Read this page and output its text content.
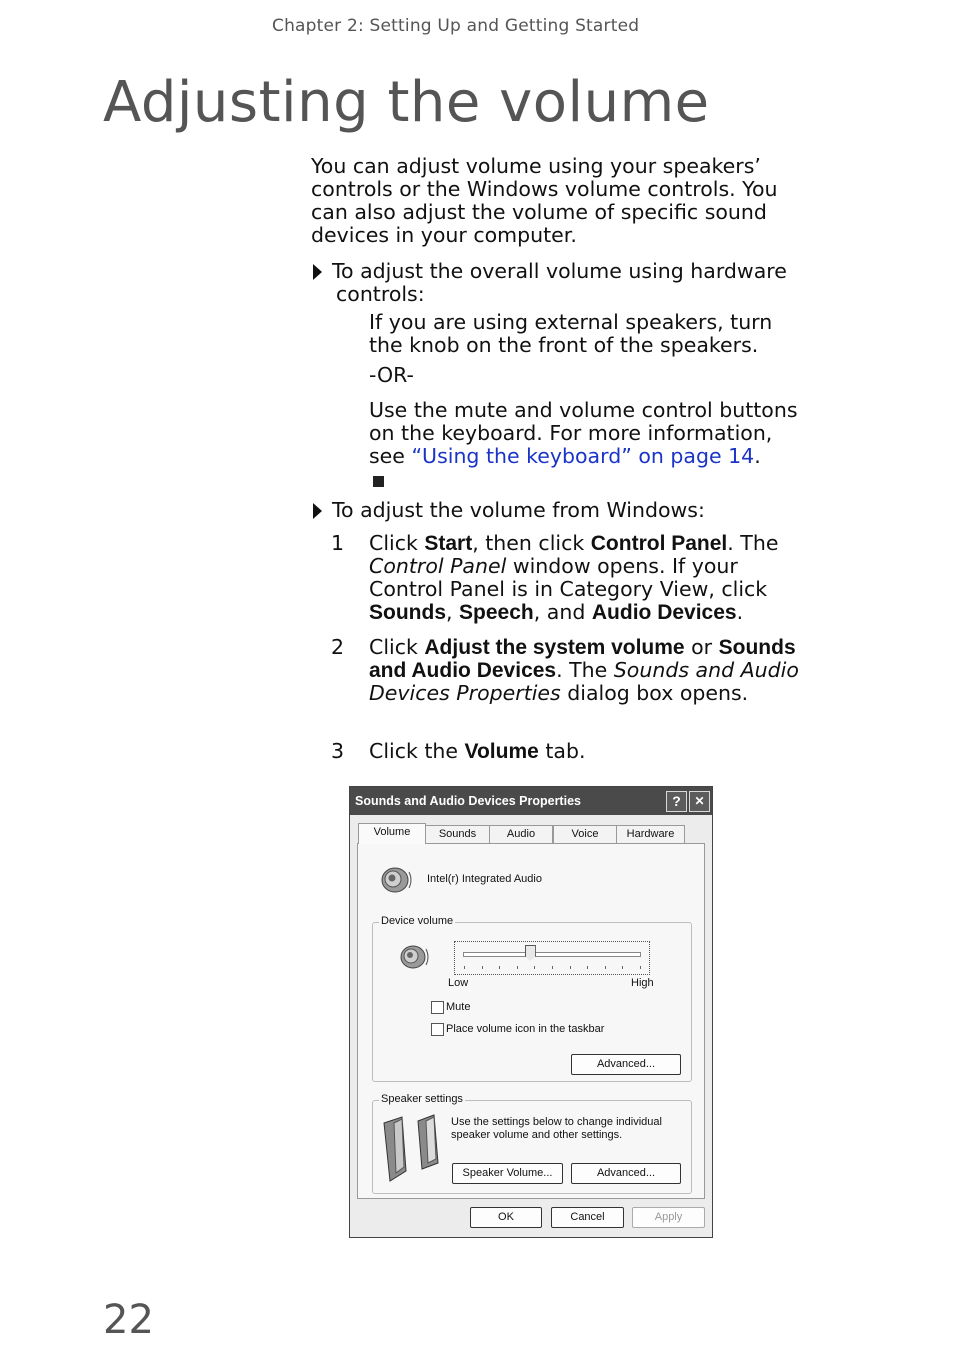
Chapter 2: Setting Up and Getting Started
Adjusting the volume
You can adjust volume using your speakers’ controls or the Windows volume controls. You can also adjust the volume of specific sound devices in your computer.
To adjust the overall volume using hardware
controls:
If you are using external speakers, turn the knob on the front of the speakers.
-OR-
Use the mute and volume control buttons on the keyboard. For more information, see “Using the keyboard” on page 14.
To adjust the volume from Windows:
1	Click Start, then click Control Panel. The Control Panel window opens. If your Control Panel is in Category View, click Sounds, Speech, and Audio Devices.
2	Click Adjust the system volume or Sounds and Audio Devices. The Sounds and Audio Devices Properties dialog box opens.
3	Click the Volume tab.
Sounds and Audio Devices Properties	?	✕
Volume	Sounds	Audio	Voice	Hardware
Intel(r) Integrated Audio
Device volume
Low	High
Mute
Place volume icon in the taskbar
Advanced...
Speaker settings
Use the settings below to change individual speaker volume and other settings.
Speaker Volume...	Advanced...
OK	Cancel	Apply
22
